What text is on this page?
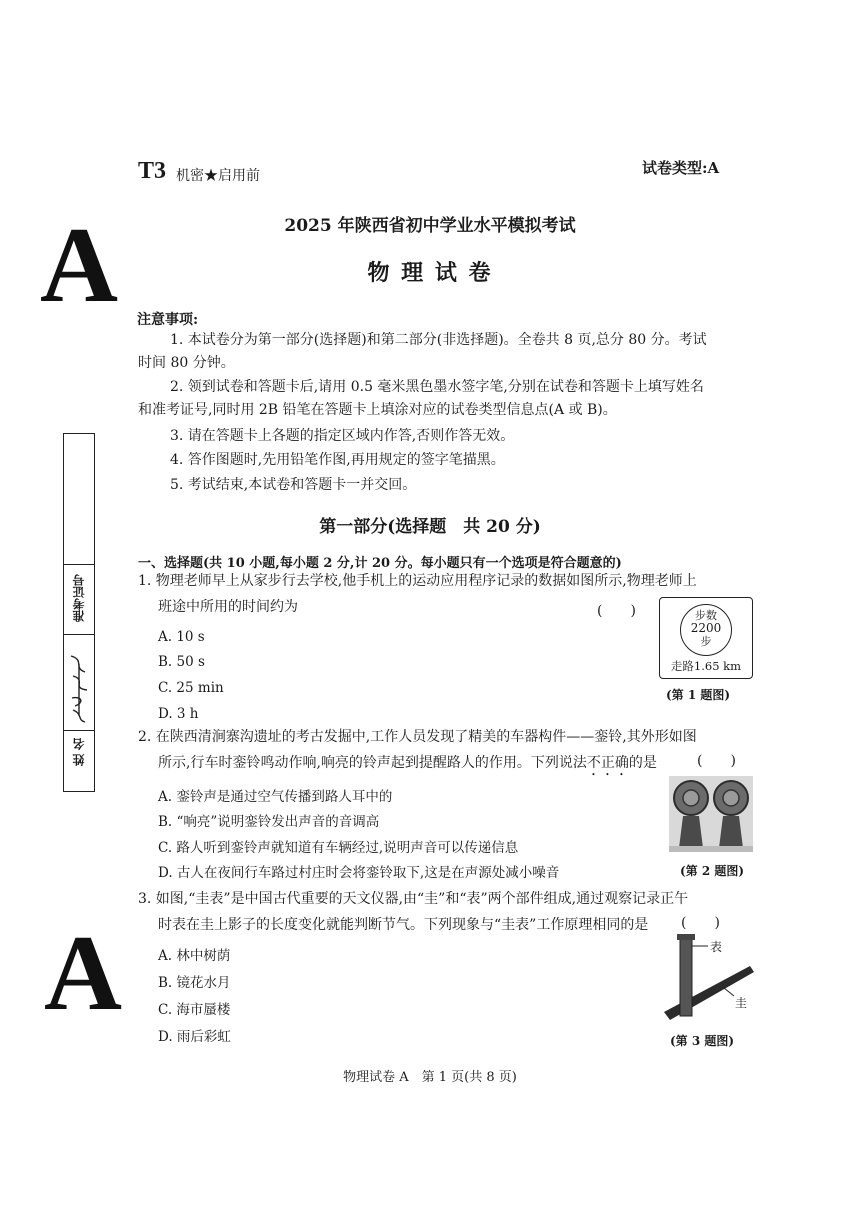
T3 机密★启用前	试卷类型:A
A
A
2025 年陕西省初中学业水平模拟考试
物 理 试 卷
注意事项:
1. 本试卷分为第一部分(选择题)和第二部分(非选择题)。全卷共 8 页,总分 80 分。考试
时间 80 分钟。
2. 领到试卷和答题卡后,请用 0.5 毫米黑色墨水签字笔,分别在试卷和答题卡上填写姓名
和准考证号,同时用 2B 铅笔在答题卡上填涂对应的试卷类型信息点(A 或 B)。
3. 请在答题卡上各题的指定区域内作答,否则作答无效。
4. 答作图题时,先用铅笔作图,再用规定的签字笔描黑。
5. 考试结束,本试卷和答题卡一并交回。
准考证号
姓 名
第一部分(选择题　共 20 分)
一、选择题(共 10 小题,每小题 2 分,计 20 分。每小题只有一个选项是符合题意的)
1. 物理老师早上从家步行去学校,他手机上的运动应用程序记录的数据如图所示,物理老师上
班途中所用的时间约为	(　　)
A. 10 s
B. 50 s
C. 25 min
D. 3 h
步数
2200
步
走路1.65 km
(第 1 题图)
2. 在陕西清涧寨沟遗址的考古发掘中,工作人员发现了精美的车器构件——銮铃,其外形如图
所示,行车时銮铃鸣动作响,响亮的铃声起到提醒路人的作用。下列说法不正确的是	(　　)
A. 銮铃声是通过空气传播到路人耳中的
B. “响亮”说明銮铃发出声音的音调高
C. 路人听到銮铃声就知道有车辆经过,说明声音可以传递信息
D. 古人在夜间行车路过村庄时会将銮铃取下,这是在声源处减小噪音	(第 2 题图)
3. 如图,“圭表”是中国古代重要的天文仪器,由“圭”和“表”两个部件组成,通过观察记录正午
时表在圭上影子的长度变化就能判断节气。下列现象与“圭表”工作原理相同的是	(　　)
A. 林中树荫
B. 镜花水月
C. 海市蜃楼
D. 雨后彩虹
表
圭
(第 3 题图)
物理试卷 A　第 1 页(共 8 页)
